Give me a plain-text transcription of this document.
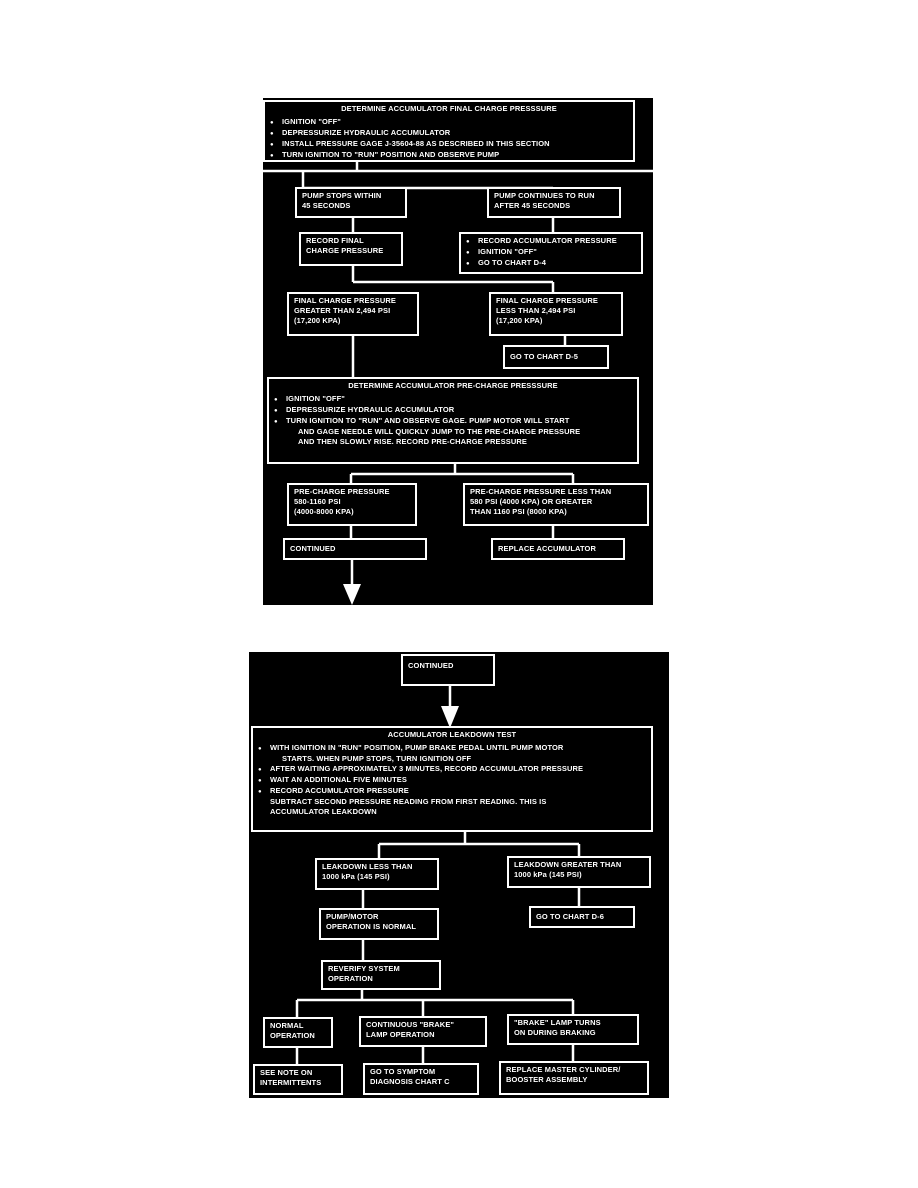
DETERMINE ACCUMULATOR FINAL CHARGE PRESSSURE
● IGNITION "OFF"
● DEPRESSURIZE HYDRAULIC ACCUMULATOR
● INSTALL PRESSURE GAGE J-35604-88 AS DESCRIBED IN THIS SECTION
● TURN IGNITION TO "RUN" POSITION AND OBSERVE PUMP
PUMP STOPS WITHIN
45 SECONDS
PUMP CONTINUES TO RUN
AFTER 45 SECONDS
RECORD FINAL
CHARGE PRESSURE
● RECORD ACCUMULATOR PRESSURE
● IGNITION "OFF"
● GO TO CHART D-4
FINAL CHARGE PRESSURE
GREATER THAN 2,494 PSI
(17,200 KPA)
FINAL CHARGE PRESSURE
LESS THAN 2,494 PSI
(17,200 KPA)
GO TO CHART D-5
DETERMINE ACCUMULATOR PRE-CHARGE PRESSSURE
● IGNITION "OFF"
● DEPRESSURIZE HYDRAULIC ACCUMULATOR
● TURN IGNITION TO "RUN" AND OBSERVE GAGE. PUMP MOTOR WILL START
AND GAGE NEEDLE WILL QUICKLY JUMP TO THE PRE-CHARGE PRESSURE
AND THEN SLOWLY RISE. RECORD PRE-CHARGE PRESSURE
PRE-CHARGE PRESSURE
580-1160 PSI
(4000-8000 KPA)
PRE-CHARGE PRESSURE LESS THAN
580 PSI (4000 KPA) OR GREATER
THAN 1160 PSI (8000 KPA)
CONTINUED	REPLACE ACCUMULATOR
CONTINUED
ACCUMULATOR LEAKDOWN TEST
● WITH IGNITION IN "RUN" POSITION, PUMP BRAKE PEDAL UNTIL PUMP MOTOR
STARTS. WHEN PUMP STOPS, TURN IGNITION OFF
● AFTER WAITING APPROXIMATELY 3 MINUTES, RECORD ACCUMULATOR PRESSURE
● WAIT AN ADDITIONAL FIVE MINUTES
● RECORD ACCUMULATOR PRESSURE
SUBTRACT SECOND PRESSURE READING FROM FIRST READING. THIS IS
ACCUMULATOR LEAKDOWN
LEAKDOWN LESS THAN
1000 kPa (145 PSI)
LEAKDOWN GREATER THAN
1000 kPa (145 PSI)
PUMP/MOTOR
OPERATION IS NORMAL
GO TO CHART D-6
REVERIFY SYSTEM
OPERATION
NORMAL
OPERATION
CONTINUOUS "BRAKE"
LAMP OPERATION
"BRAKE" LAMP TURNS
ON DURING BRAKING
SEE NOTE ON
INTERMITTENTS
GO TO SYMPTOM
DIAGNOSIS CHART C
REPLACE MASTER CYLINDER/
BOOSTER ASSEMBLY
